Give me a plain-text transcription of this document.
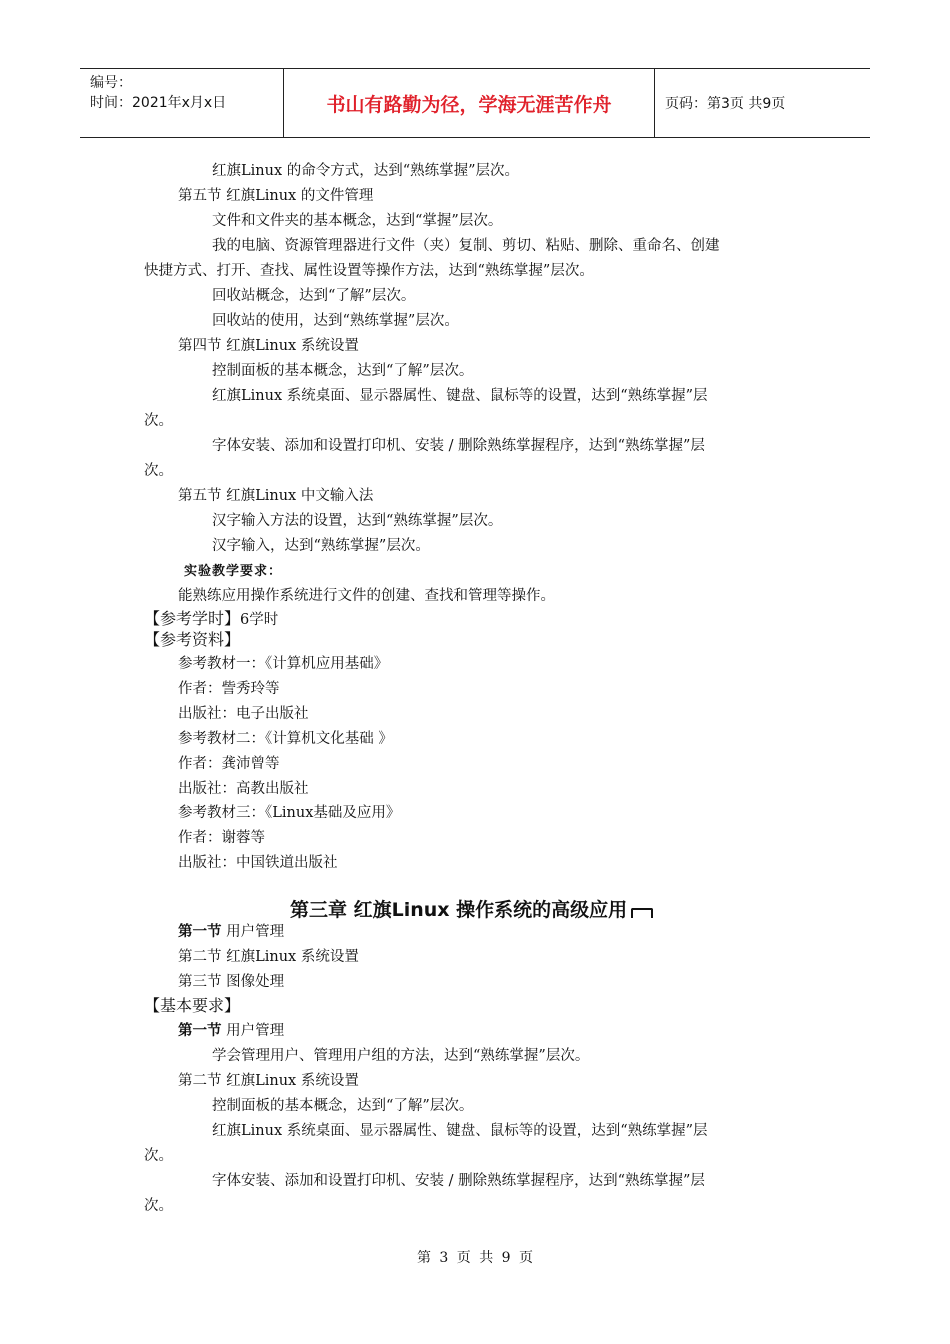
编号：
时间：2021年x月x日	书山有路勤为径，学海无涯苦作舟	页码：第3页 共9页
红旗Linux 的命令方式，达到“熟练掌握”层次。
第五节 红旗Linux 的文件管理
文件和文件夹的基本概念，达到“掌握”层次。
我的电脑、资源管理器进行文件（夹）复制、剪切、粘贴、删除、重命名、创建
快捷方式、打开、查找、属性设置等操作方法，达到“熟练掌握”层次。
回收站概念，达到“了解”层次。
回收站的使用，达到“熟练掌握”层次。
第四节 红旗Linux 系统设置
控制面板的基本概念，达到“了解”层次。
红旗Linux 系统桌面、显示器属性、键盘、鼠标等的设置，达到“熟练掌握”层
次。
字体安装、添加和设置打印机、安装 / 删除熟练掌握程序，达到“熟练掌握”层
次。
第五节 红旗Linux 中文输入法
汉字输入方法的设置，达到“熟练掌握”层次。
汉字输入，达到“熟练掌握”层次。
实验教学要求：
能熟练应用操作系统进行文件的创建、查找和管理等操作。
【参考学时】6学时
【参考资料】
参考教材一：《计算机应用基础》
作者：訾秀玲等
出版社：电子出版社
参考教材二：《计算机文化基础 》
作者：龚沛曾等
出版社：高教出版社
参考教材三：《Linux基础及应用》
作者：谢蓉等
出版社：中国铁道出版社
第三章 红旗Linux 操作系统的高级应用
第一节 用户管理
第二节 红旗Linux 系统设置
第三节 图像处理
【基本要求】
第一节 用户管理
学会管理用户、管理用户组的方法，达到“熟练掌握”层次。
第二节 红旗Linux 系统设置
控制面板的基本概念，达到“了解”层次。
红旗Linux 系统桌面、显示器属性、键盘、鼠标等的设置，达到“熟练掌握”层
次。
字体安装、添加和设置打印机、安装 / 删除熟练掌握程序，达到“熟练掌握”层
次。
第 3 页 共 9 页
